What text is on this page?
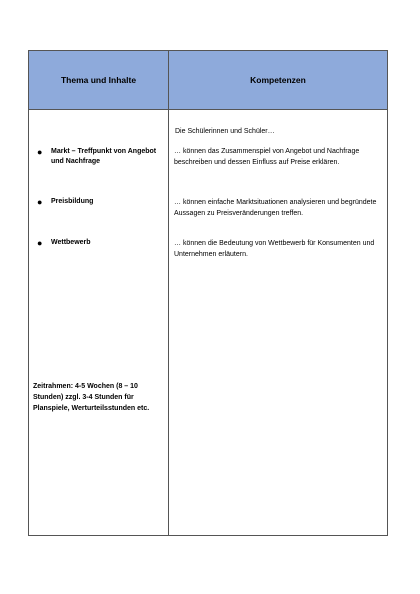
Thema und Inhalte	Kompetenzen
● Markt – Treffpunkt von Angebot und Nachfrage
● Preisbildung
● Wettbewerb
Zeitrahmen: 4-5 Wochen (8 – 10 Stunden) zzgl. 3-4 Stunden für Planspiele, Werturteilsstunden etc.
Die Schülerinnen und Schüler…
… können das Zusammenspiel von Angebot und Nachfrage beschreiben und dessen Einfluss auf Preise erklären.
… können einfache Marktsituationen analysieren und begründete Aussagen zu Preisveränderungen treffen.
… können die Bedeutung von Wettbewerb für Konsumenten und Unternehmen erläutern.
